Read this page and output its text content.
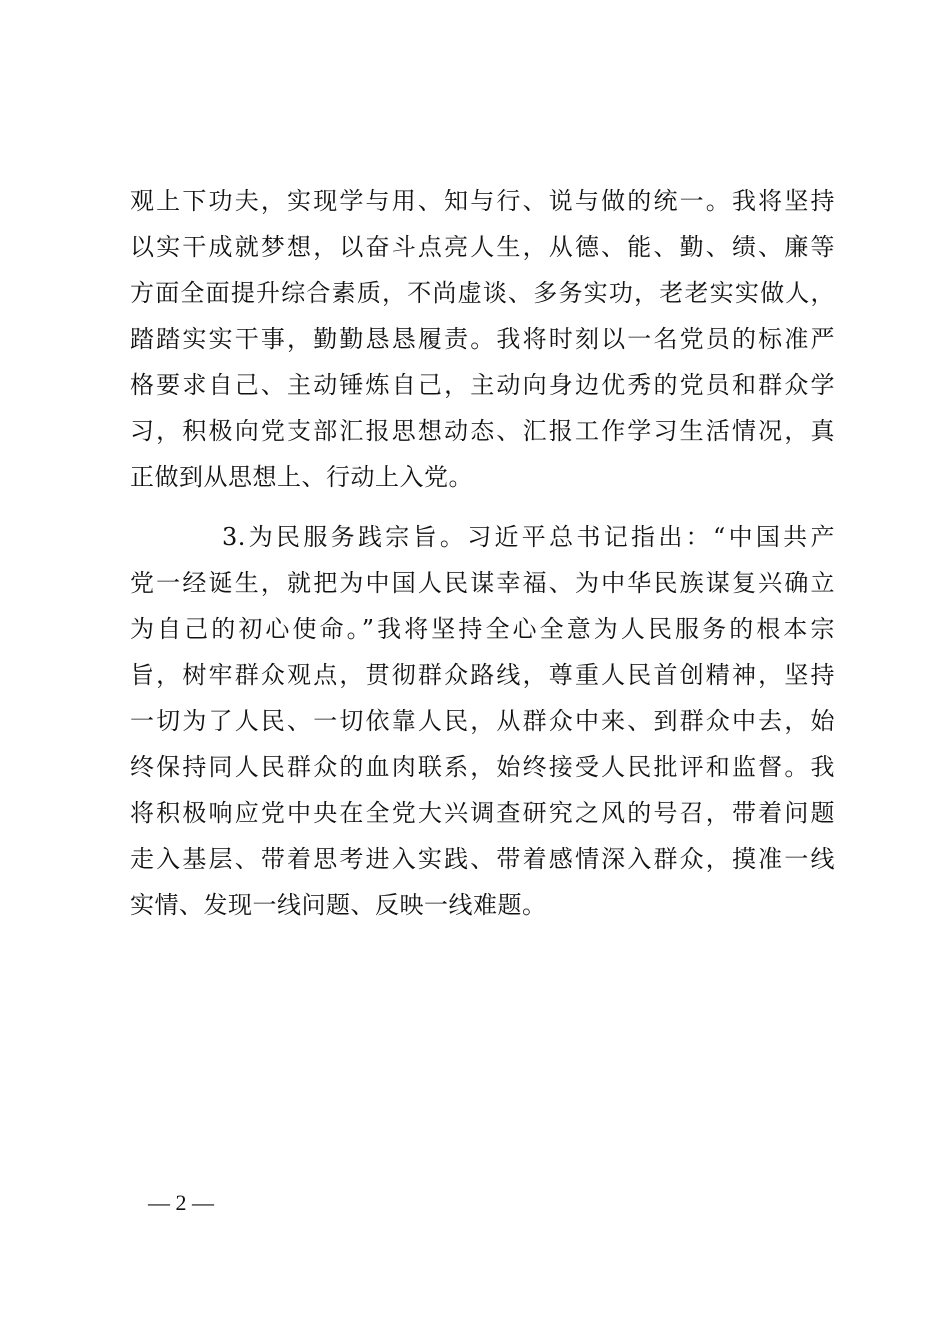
观上下功夫，实现学与用、知与行、说与做的统一。我将坚持
以实干成就梦想，以奋斗点亮人生，从德、能、勤、绩、廉等
方面全面提升综合素质，不尚虚谈、多务实功，老老实实做人，
踏踏实实干事，勤勤恳恳履责。我将时刻以一名党员的标准严
格要求自己、主动锤炼自己，主动向身边优秀的党员和群众学
习，积极向党支部汇报思想动态、汇报工作学习生活情况，真
正做到从思想上、行动上入党。
3.为民服务践宗旨。习近平总书记指出：“中国共产
党一经诞生，就把为中国人民谋幸福、为中华民族谋复兴确立
为自己的初心使命。”我将坚持全心全意为人民服务的根本宗
旨，树牢群众观点，贯彻群众路线，尊重人民首创精神，坚持
一切为了人民、一切依靠人民，从群众中来、到群众中去，始
终保持同人民群众的血肉联系，始终接受人民批评和监督。我
将积极响应党中央在全党大兴调查研究之风的号召，带着问题
走入基层、带着思考进入实践、带着感情深入群众，摸准一线
实情、发现一线问题、反映一线难题。
— 2 —
